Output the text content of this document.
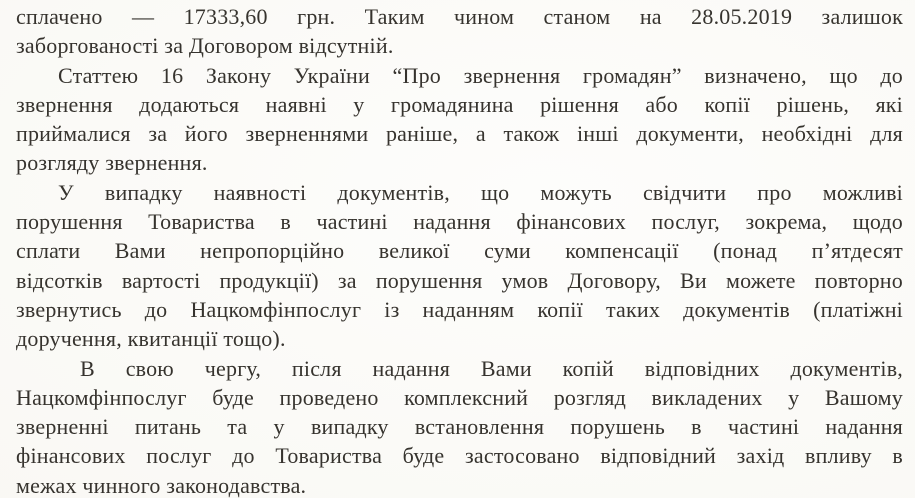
сплачено — 17333,60 грн. Таким чином станом на 28.05.2019 залишок

заборгованості за Договором відсутній.

Статтею 16 Закону України “Про звернення громадян” визначено, що до

звернення додаються наявні у громадянина рішення або копії рішень, які

приймалися за його зверненнями раніше, а також інші документи, необхідні для

розгляду звернення.

У випадку наявності документів, що можуть свідчити про можливі

порушення Товариства в частині надання фінансових послуг, зокрема, щодо

сплати Вами непропорційно великої суми компенсації (понад п’ятдесят

відсотків вартості продукції) за порушення умов Договору, Ви можете повторно

звернутись до Нацкомфінпослуг із наданням копії таких документів (платіжні

доручення, квитанції тощо).

В свою чергу, після надання Вами копій відповідних документів,

Нацкомфінпослуг буде проведено комплексний розгляд викладених у Вашому

зверненні питань та у випадку встановлення порушень в частині надання

фінансових послуг до Товариства буде застосовано відповідний захід впливу в

межах чинного законодавства.
